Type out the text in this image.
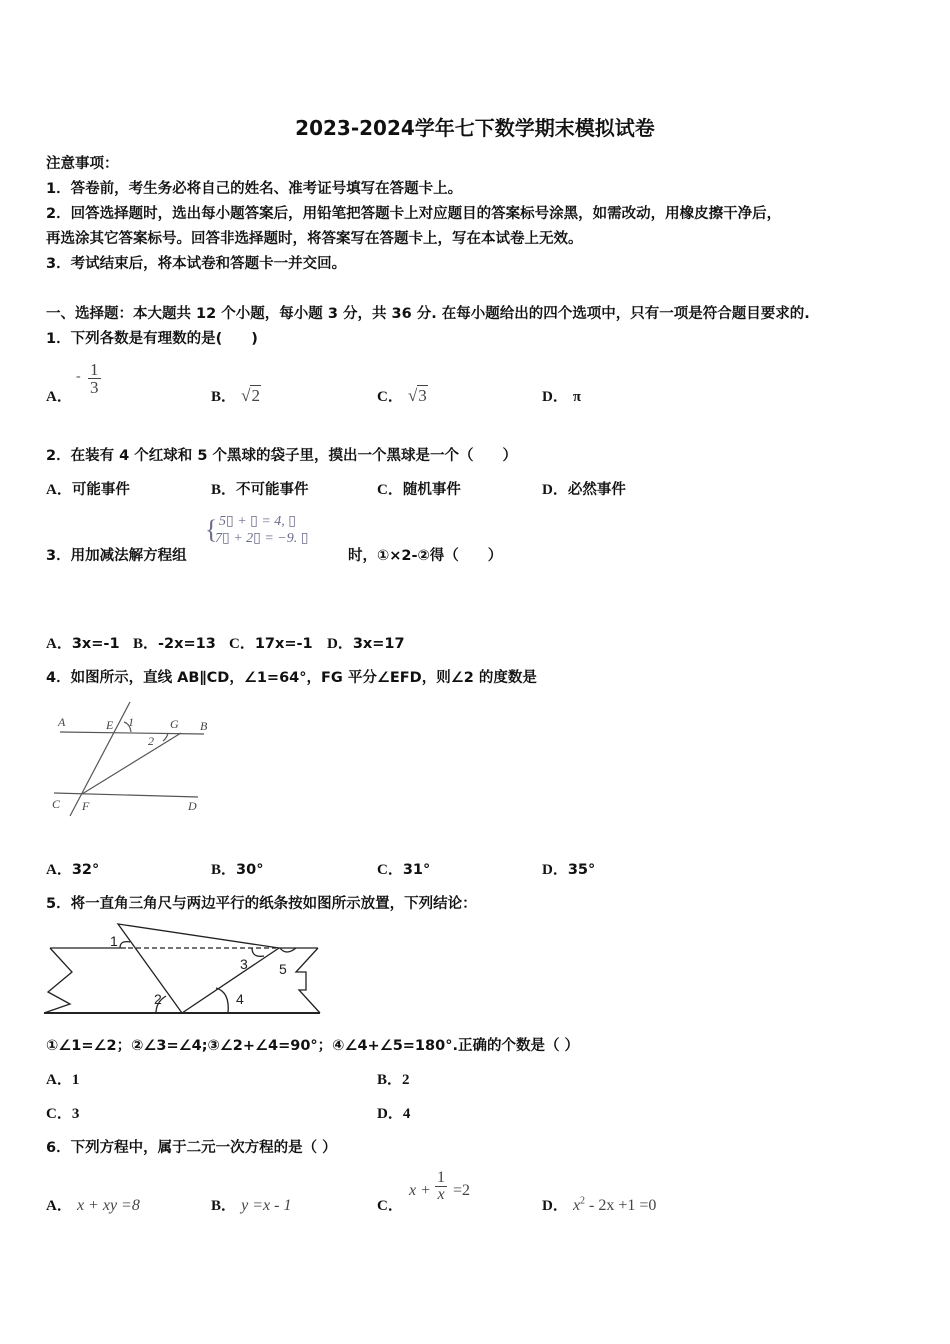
2023-2024学年七下数学期末模拟试卷
注意事项：
1．答卷前，考生务必将自己的姓名、准考证号填写在答题卡上。
2．回答选择题时，选出每小题答案后，用铅笔把答题卡上对应题目的答案标号涂黑，如需改动，用橡皮擦干净后，
再选涂其它答案标号。回答非选择题时，将答案写在答题卡上，写在本试卷上无效。
3．考试结束后，将本试卷和答题卡一并交回。
一、选择题：本大题共 12 个小题，每小题 3 分，共 36 分. 在每小题给出的四个选项中，只有一项是符合题目要求的.
1．下列各数是有理数的是(　　)
A．
- $\frac{1}{3}$
B． √2	C． √3	D． π
2．在装有 4 个红球和 5 个黑球的袋子里，摸出一个黑球是一个（　　）
A．可能事件	B．不可能事件	C．随机事件	D．必然事件
3．用加减法解方程组
{ 5▯ + ▯ = 4, ▯
7▯ + 2▯ = −9. ▯
时，①×2-②得（　　）
A．3x=-1 B．-2x=13 C．17x=-1 D．3x=17
4．如图所示，直线 AB∥CD，∠1=64°，FG 平分∠EFD，则∠2 的度数是
A	E 1	G B
2
C F	D
A．32°	B．30°	C．31°	D．35°
5．将一直角三角尺与两边平行的纸条按如图所示放置，下列结论：
1
2
3
4
5
①∠1=∠2；②∠3=∠4;③∠2+∠4=90°；④∠4+∠5=180°.正确的个数是（ ）
A．1	B．2
C．3	D．4
6．下列方程中，属于二元一次方程的是（ ）
A． x + xy =8	B． y =x - 1	C．
$x + \frac{1}{x} =2$
D． $x^2 - 2x +1 =0$
